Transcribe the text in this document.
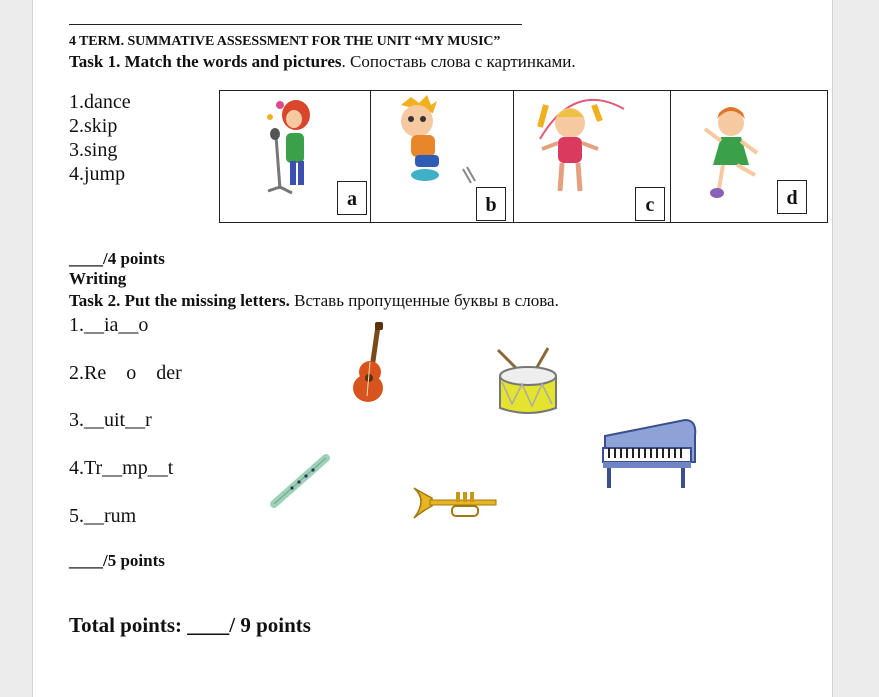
4 TERM. SUMMATIVE ASSESSMENT FOR THE UNIT “MY MUSIC”
Task 1. Match the words and pictures. Сопоставь слова с картинками.
1.dance
2.skip
3.sing
4.jump
a	b	c	d
____/4 points
Writing
Task 2. Put the missing letters. Вставь пропущенные буквы в слова.
1.__ia__o
2.Re    o    der
3.__uit__r
4.Tr__mp__t
5.__rum
____/5 points
Total points: ____/ 9 points
